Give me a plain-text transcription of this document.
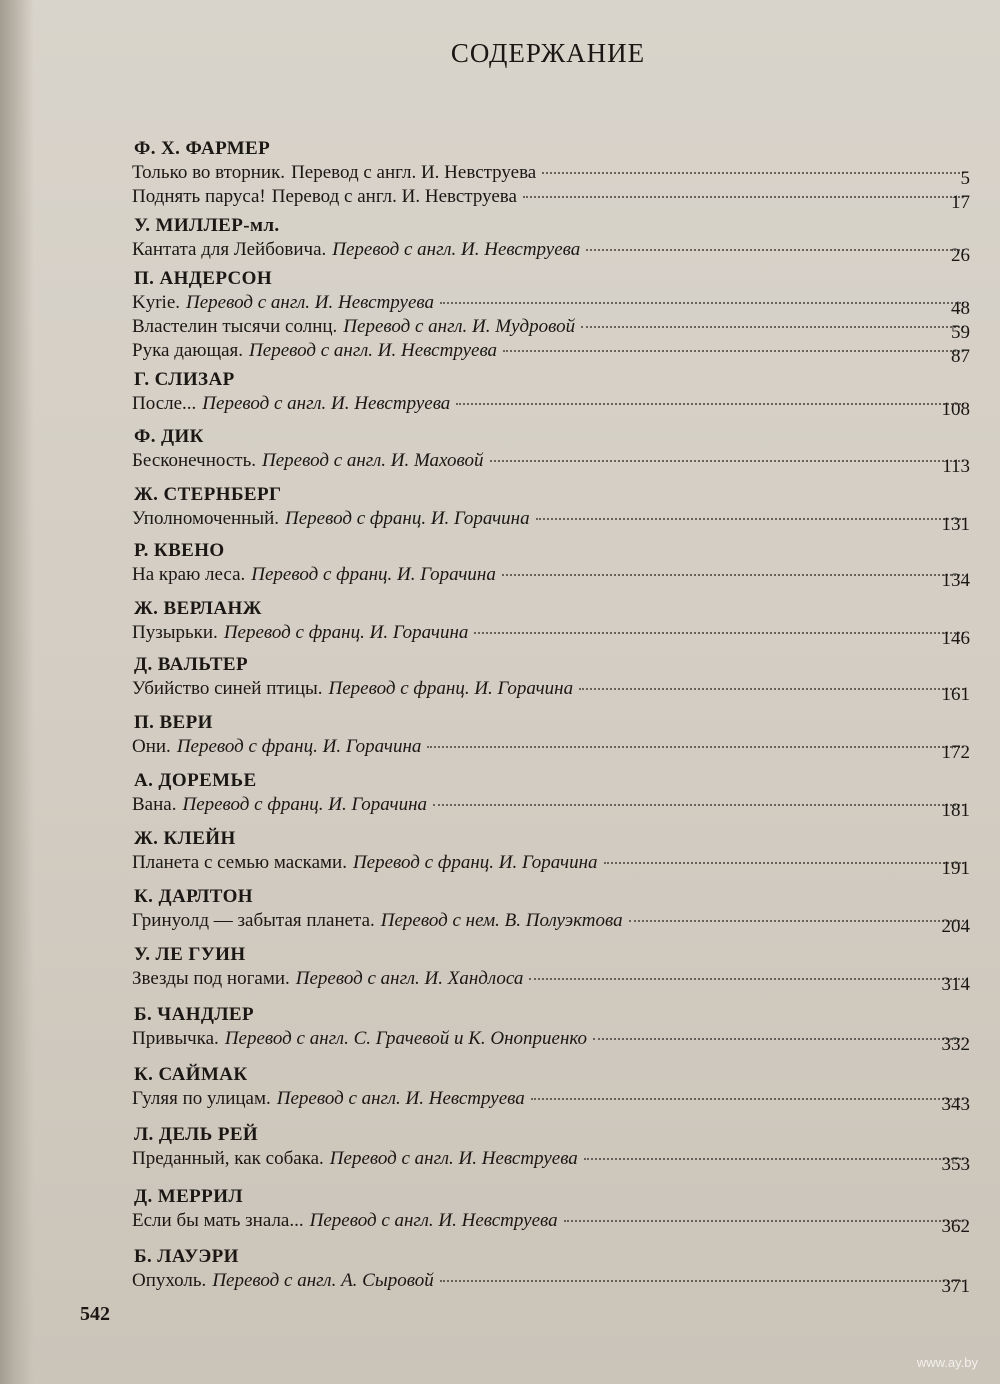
СОДЕРЖАНИЕ
Ф. Х. ФАРМЕР
Только во вторник. Перевод с англ. И. Невструева	5
Поднять паруса! Перевод с англ. И. Невструева	17
У. МИЛЛЕР-мл.
Кантата для Лейбовича. Перевод с англ. И. Невструева	26
П. АНДЕРСОН
Kyrie. Перевод с англ. И. Невструева	48
Властелин тысячи солнц. Перевод с англ. И. Мудровой	59
Рука дающая. Перевод с англ. И. Невструева	87
Г. СЛИЗАР
После... Перевод с англ. И. Невструева	108
Ф. ДИК
Бесконечность. Перевод с англ. И. Маховой	113
Ж. СТЕРНБЕРГ
Уполномоченный. Перевод с франц. И. Горачина	131
Р. КВЕНО
На краю леса. Перевод с франц. И. Горачина	134
Ж. ВЕРЛАНЖ
Пузырьки. Перевод с франц. И. Горачина	146
Д. ВАЛЬТЕР
Убийство синей птицы. Перевод с франц. И. Горачина	161
П. ВЕРИ
Они. Перевод с франц. И. Горачина	172
А. ДОРЕМЬЕ
Вана. Перевод с франц. И. Горачина	181
Ж. КЛЕЙН
Планета с семью масками. Перевод с франц. И. Горачина	191
К. ДАРЛТОН
Гринуолд — забытая планета. Перевод с нем. В. Полуэктова	204
У. ЛЕ ГУИН
Звезды под ногами. Перевод с англ. И. Хандлоса	314
Б. ЧАНДЛЕР
Привычка. Перевод с англ. С. Грачевой и К. Оноприенко	332
К. САЙМАК
Гуляя по улицам. Перевод с англ. И. Невструева	343
Л. ДЕЛЬ РЕЙ
Преданный, как собака. Перевод с англ. И. Невструева	353
Д. МЕРРИЛ
Если бы мать знала... Перевод с англ. И. Невструева	362
Б. ЛАУЭРИ
Опухоль. Перевод с англ. А. Сыровой	371
542
www.ay.by
